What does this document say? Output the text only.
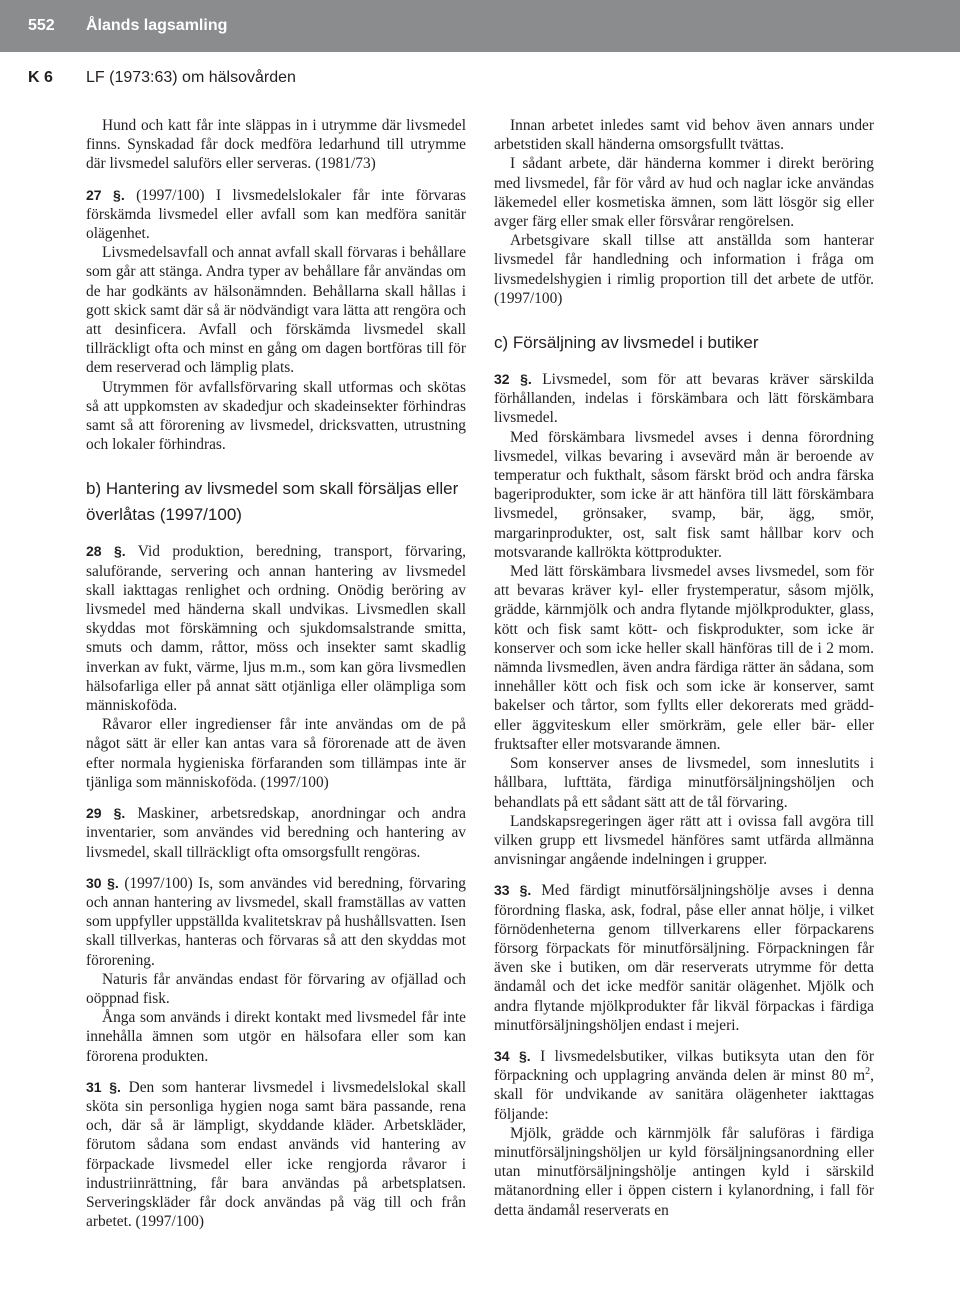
552 Ålands lagsamling
K 6 LF (1973:63) om hälsovården

Hund och katt får inte släppas in i utrymme där livsmedel finns. Synskadad får dock medföra ledarhund till utrymme där livsmedel saluförs eller serveras. (1981/73)

27 §. (1997/100) I livsmedelslokaler får inte förvaras förskämda livsmedel eller avfall som kan medföra sanitär olägenhet.

Livsmedelsavfall och annat avfall skall förvaras i behållare som går att stänga. Andra typer av behållare får användas om de har godkänts av hälsonämnden. Behållarna skall hållas i gott skick samt där så är nödvändigt vara lätta att rengöra och att desinficera. Avfall och förskämda livsmedel skall tillräckligt ofta och minst en gång om dagen bortföras till för dem reserverad och lämplig plats.

Utrymmen för avfallsförvaring skall utformas och skötas så att uppkomsten av skadedjur och skadeinsekter förhindras samt så att förorening av livsmedel, dricksvatten, utrustning och lokaler förhindras.

b) Hantering av livsmedel som skall försäljas eller överlåtas (1997/100)

28 §. Vid produktion, beredning, transport, förvaring, saluförande, servering och annan hantering av livsmedel skall iakttagas renlighet och ordning. Onödig beröring av livsmedel med händerna skall undvikas. Livsmedlen skall skyddas mot förskämning och sjukdomsalstrande smitta, smuts och damm, råttor, möss och insekter samt skadlig inverkan av fukt, värme, ljus m.m., som kan göra livsmedlen hälsofarliga eller på annat sätt otjänliga eller olämpliga som människoföda.

Råvaror eller ingredienser får inte användas om de på något sätt är eller kan antas vara så förorenade att de även efter normala hygieniska förfaranden som tillämpas inte är tjänliga som människoföda. (1997/100)

29 §. Maskiner, arbetsredskap, anordningar och andra inventarier, som användes vid beredning och hantering av livsmedel, skall tillräckligt ofta omsorgsfullt rengöras.

30 §. (1997/100) Is, som användes vid beredning, förvaring och annan hantering av livsmedel, skall framställas av vatten som uppfyller uppställda kvalitetskrav på hushållsvatten. Isen skall tillverkas, hanteras och förvaras så att den skyddas mot förorening.

Naturis får användas endast för förvaring av ofjällad och oöppnad fisk.

Ånga som används i direkt kontakt med livsmedel får inte innehålla ämnen som utgör en hälsofara eller som kan förorena produkten.

31 §. Den som hanterar livsmedel i livsmedelslokal skall sköta sin personliga hygien noga samt bära passande, rena och, där så är lämpligt, skyddande kläder. Arbetskläder, förutom sådana som endast används vid hantering av förpackade livsmedel eller icke rengjorda råvaror i industriinrättning, får bara användas på arbetsplatsen. Serveringskläder får dock användas på väg till och från arbetet. (1997/100)

Innan arbetet inledes samt vid behov även annars under arbetstiden skall händerna omsorgsfullt tvättas.

I sådant arbete, där händerna kommer i direkt beröring med livsmedel, får för vård av hud och naglar icke användas läkemedel eller kosmetiska ämnen, som lätt lösgör sig eller avger färg eller smak eller försvårar rengörelsen.

Arbetsgivare skall tillse att anställda som hanterar livsmedel får handledning och information i fråga om livsmedelshygien i rimlig proportion till det arbete de utför. (1997/100)

c) Försäljning av livsmedel i butiker

32 §. Livsmedel, som för att bevaras kräver särskilda förhållanden, indelas i förskämbara och lätt förskämbara livsmedel.

Med förskämbara livsmedel avses i denna förordning livsmedel, vilkas bevaring i avsevärd mån är beroende av temperatur och fukthalt, såsom färskt bröd och andra färska bageriprodukter, som icke är att hänföra till lätt förskämbara livsmedel, grönsaker, svamp, bär, ägg, smör, margarinprodukter, ost, salt fisk samt hållbar korv och motsvarande kallrökta köttprodukter.

Med lätt förskämbara livsmedel avses livsmedel, som för att bevaras kräver kyl- eller frystemperatur, såsom mjölk, grädde, kärnmjölk och andra flytande mjölkprodukter, glass, kött och fisk samt kött- och fiskprodukter, som icke är konserver och som icke heller skall hänföras till de i 2 mom. nämnda livsmedlen, även andra färdiga rätter än sådana, som innehåller kött och fisk och som icke är konserver, samt bakelser och tårtor, som fyllts eller dekorerats med grädd- eller äggviteskum eller smörkräm, gele eller bär- eller fruktsafter eller motsvarande ämnen.

Som konserver anses de livsmedel, som inneslutits i hållbara, lufttäta, färdiga minutförsäljningshöljen och behandlats på ett sådant sätt att de tål förvaring.

Landskapsregeringen äger rätt att i ovissa fall avgöra till vilken grupp ett livsmedel hänföres samt utfärda allmänna anvisningar angående indelningen i grupper.

33 §. Med färdigt minutförsäljningshölje avses i denna förordning flaska, ask, fodral, påse eller annat hölje, i vilket förnödenheterna genom tillverkarens eller förpackarens försorg förpackats för minutförsäljning. Förpackningen får även ske i butiken, om där reserverats utrymme för detta ändamål och det icke medför sanitär olägenhet. Mjölk och andra flytande mjölkprodukter får likväl förpackas i färdiga minutförsäljningshöljen endast i mejeri.

34 §. I livsmedelsbutiker, vilkas butiksyta utan den för förpackning och upplagring använda delen är minst 80 $m^2$, skall för undvikande av sanitära olägenheter iakttagas följande:

Mjölk, grädde och kärnmjölk får saluföras i färdiga minutförsäljningshöljen ur kyld försäljningsanordning eller utan minutförsäljningshölje antingen kyld i särskild mätanordning eller i öppen cistern i kylanordning, i fall för detta ändamål reserverats en
